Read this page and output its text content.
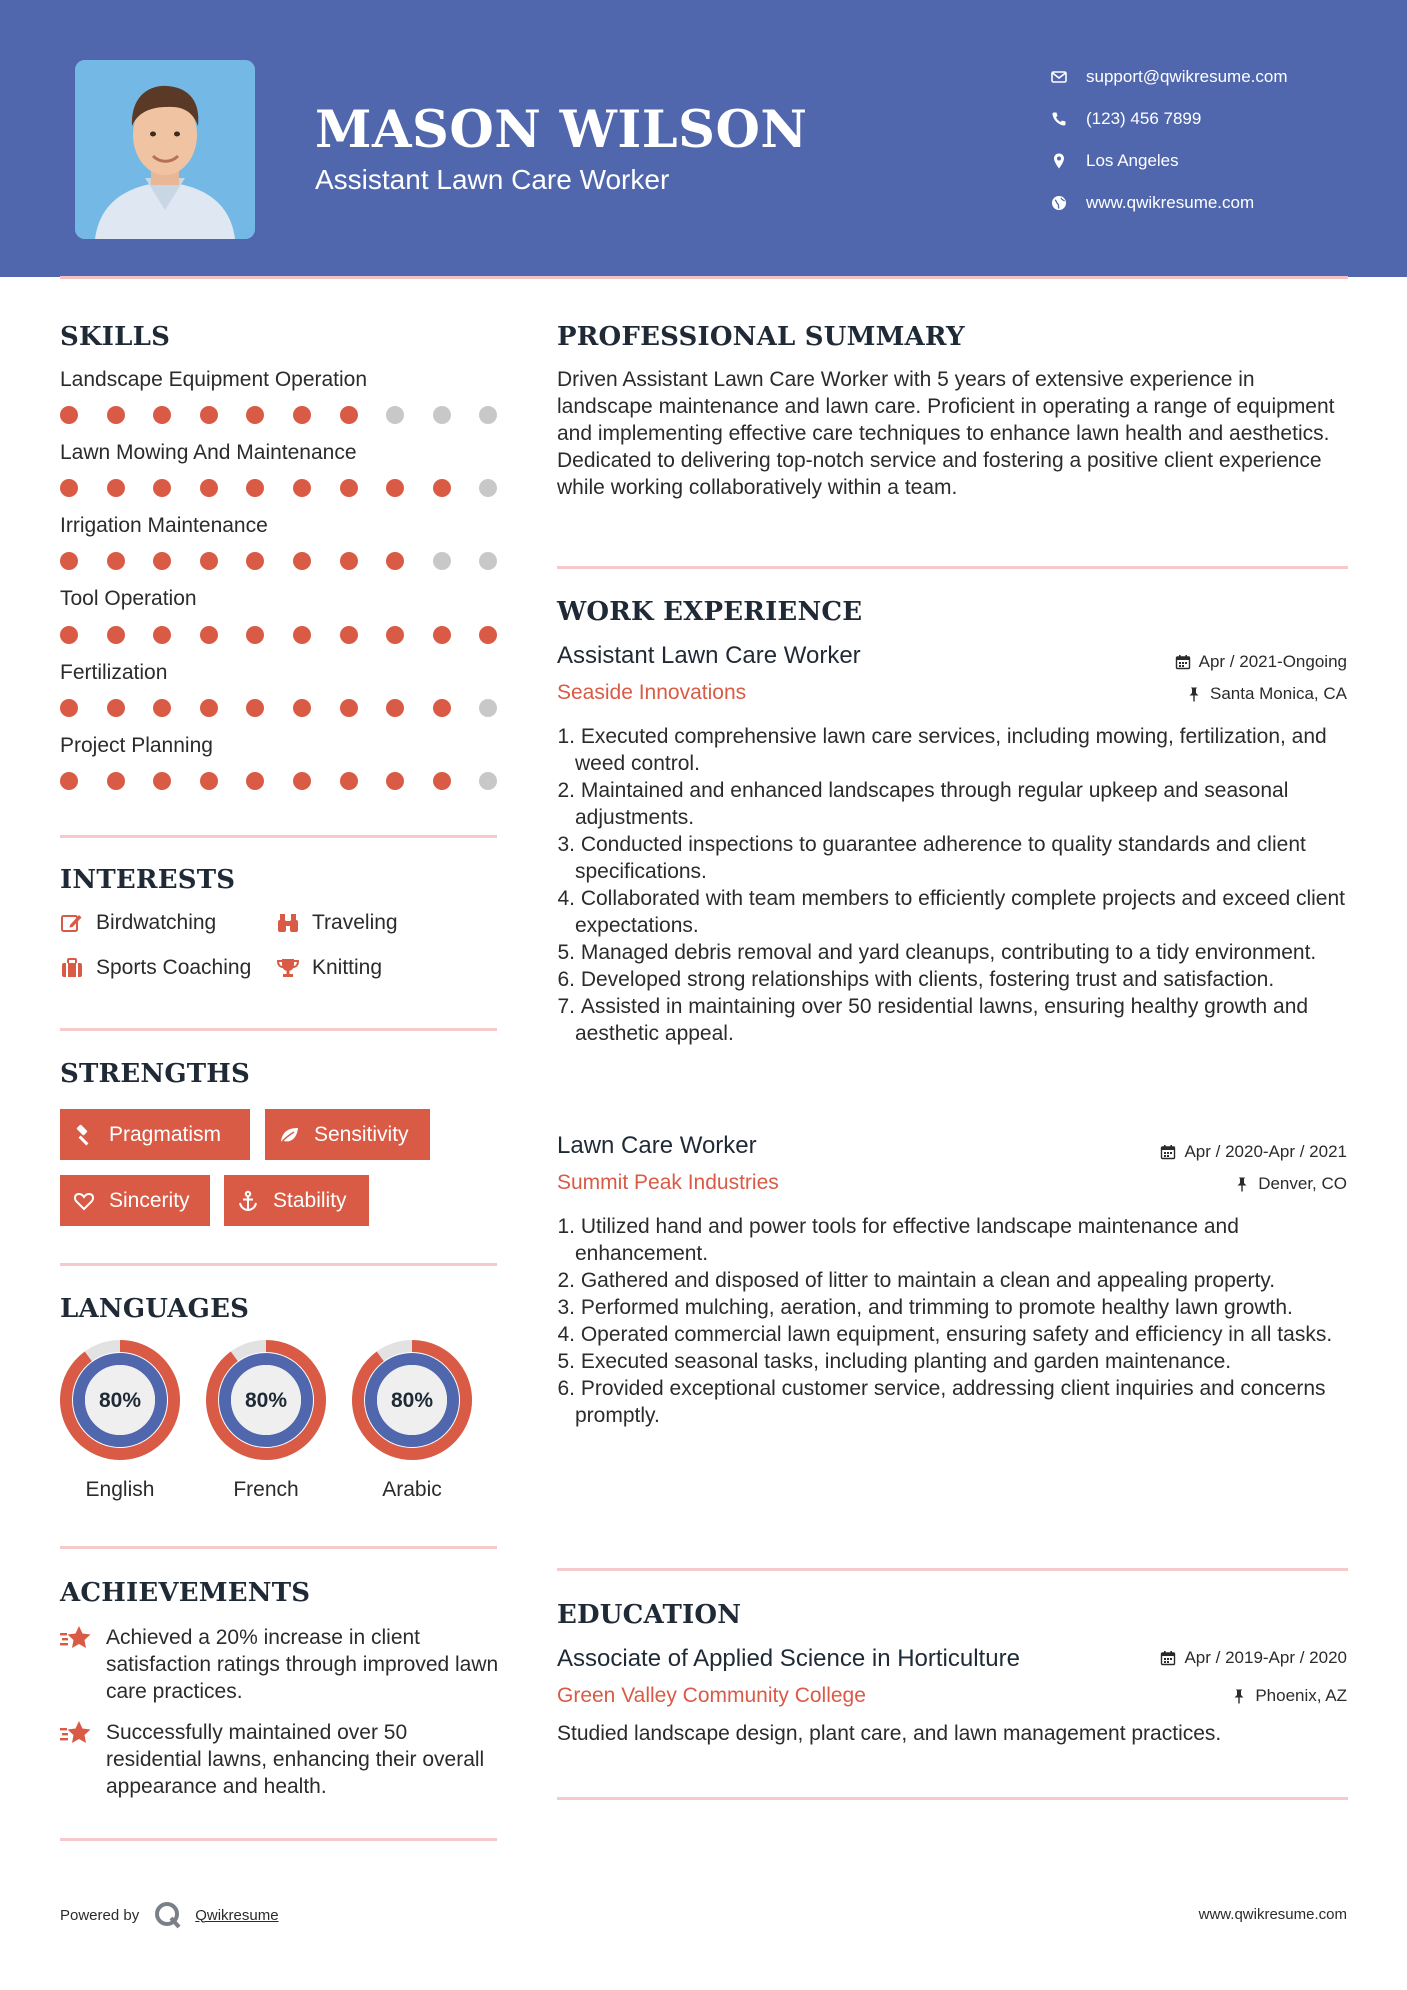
MASON WILSON
Assistant Lawn Care Worker
support@qwikresume.com
(123) 456 7899
Los Angeles
www.qwikresume.com
SKILLS
Landscape Equipment Operation
Lawn Mowing And Maintenance
Irrigation Maintenance
Tool Operation
Fertilization
Project Planning
INTERESTS
Birdwatching	Traveling
Sports Coaching	Knitting
STRENGTHS
Pragmatism	Sensitivity
Sincerity	Stability
LANGUAGES
80%
English
80%
French
80%
Arabic
ACHIEVEMENTS
Achieved a 20% increase in client satisfaction ratings through improved lawn care practices.
Successfully maintained over 50 residential lawns, enhancing their overall appearance and health.
PROFESSIONAL SUMMARY
Driven Assistant Lawn Care Worker with 5 years of extensive experience in landscape maintenance and lawn care. Proficient in operating a range of equipment and implementing effective care techniques to enhance lawn health and aesthetics. Dedicated to delivering top-notch service and fostering a positive client experience while working collaboratively within a team.
WORK EXPERIENCE
Assistant Lawn Care Worker	Apr / 2021-Ongoing
Seaside Innovations	Santa Monica, CA
1. Executed comprehensive lawn care services, including mowing, fertilization, and weed control.
2. Maintained and enhanced landscapes through regular upkeep and seasonal adjustments.
3. Conducted inspections to guarantee adherence to quality standards and client specifications.
4. Collaborated with team members to efficiently complete projects and exceed client expectations.
5. Managed debris removal and yard cleanups, contributing to a tidy environment.
6. Developed strong relationships with clients, fostering trust and satisfaction.
7. Assisted in maintaining over 50 residential lawns, ensuring healthy growth and aesthetic appeal.
Lawn Care Worker	Apr / 2020-Apr / 2021
Summit Peak Industries	Denver, CO
1. Utilized hand and power tools for effective landscape maintenance and enhancement.
2. Gathered and disposed of litter to maintain a clean and appealing property.
3. Performed mulching, aeration, and trimming to promote healthy lawn growth.
4. Operated commercial lawn equipment, ensuring safety and efficiency in all tasks.
5. Executed seasonal tasks, including planting and garden maintenance.
6. Provided exceptional customer service, addressing client inquiries and concerns promptly.
EDUCATION
Associate of Applied Science in Horticulture	Apr / 2019-Apr / 2020
Green Valley Community College	Phoenix, AZ
Studied landscape design, plant care, and lawn management practices.
Powered by	Qwikresume	www.qwikresume.com
